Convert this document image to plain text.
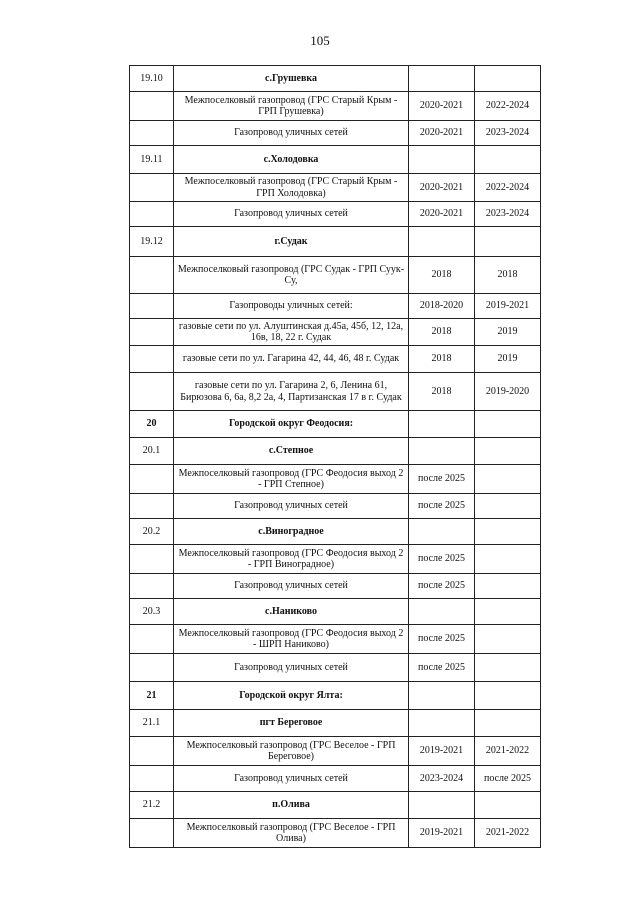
105
19.10	с.Грушевка		
	Межпоселковый газопровод (ГРС Старый Крым - ГРП Грушевка)	2020-2021	2022-2024
	Газопровод уличных сетей	2020-2021	2023-2024
19.11	с.Холодовка		
	Межпоселковый газопровод (ГРС Старый Крым - ГРП Холодовка)	2020-2021	2022-2024
	Газопровод уличных сетей	2020-2021	2023-2024
19.12	г.Судак		
	Межпоселковый газопровод (ГРС Судак - ГРП Суук-Су,	2018	2018
	Газопроводы уличных сетей:	2018-2020	2019-2021
	газовые сети по ул. Алуштинская д.45а, 45б, 12, 12а, 16в, 18, 22 г. Судак	2018	2019
	газовые сети по ул. Гагарина 42, 44, 46, 48 г. Судак	2018	2019
	газовые сети по ул. Гагарина 2, 6, Ленина 61, Бирюзова 6, 6а, 8,2 2а, 4, Партизанская 17 в г. Судак	2018	2019-2020
20	Городской округ Феодосия:		
20.1	с.Степное		
	Межпоселковый газопровод (ГРС Феодосия выход 2 - ГРП Степное)	после 2025	
	Газопровод уличных сетей	после 2025	
20.2	с.Виноградное		
	Межпоселковый газопровод (ГРС Феодосия выход 2 - ГРП Виноградное)	после 2025	
	Газопровод уличных сетей	после 2025	
20.3	с.Наниково		
	Межпоселковый газопровод (ГРС Феодосия выход 2 - ШРП Наниково)	после 2025	
	Газопровод уличных сетей	после 2025	
21	Городской округ Ялта:		
21.1	пгт Береговое		
	Межпоселковый газопровод (ГРС Веселое - ГРП Береговое)	2019-2021	2021-2022
	Газопровод уличных сетей	2023-2024	после 2025
21.2	п.Олива		
	Межпоселковый газопровод (ГРС Веселое - ГРП Олива)	2019-2021	2021-2022
